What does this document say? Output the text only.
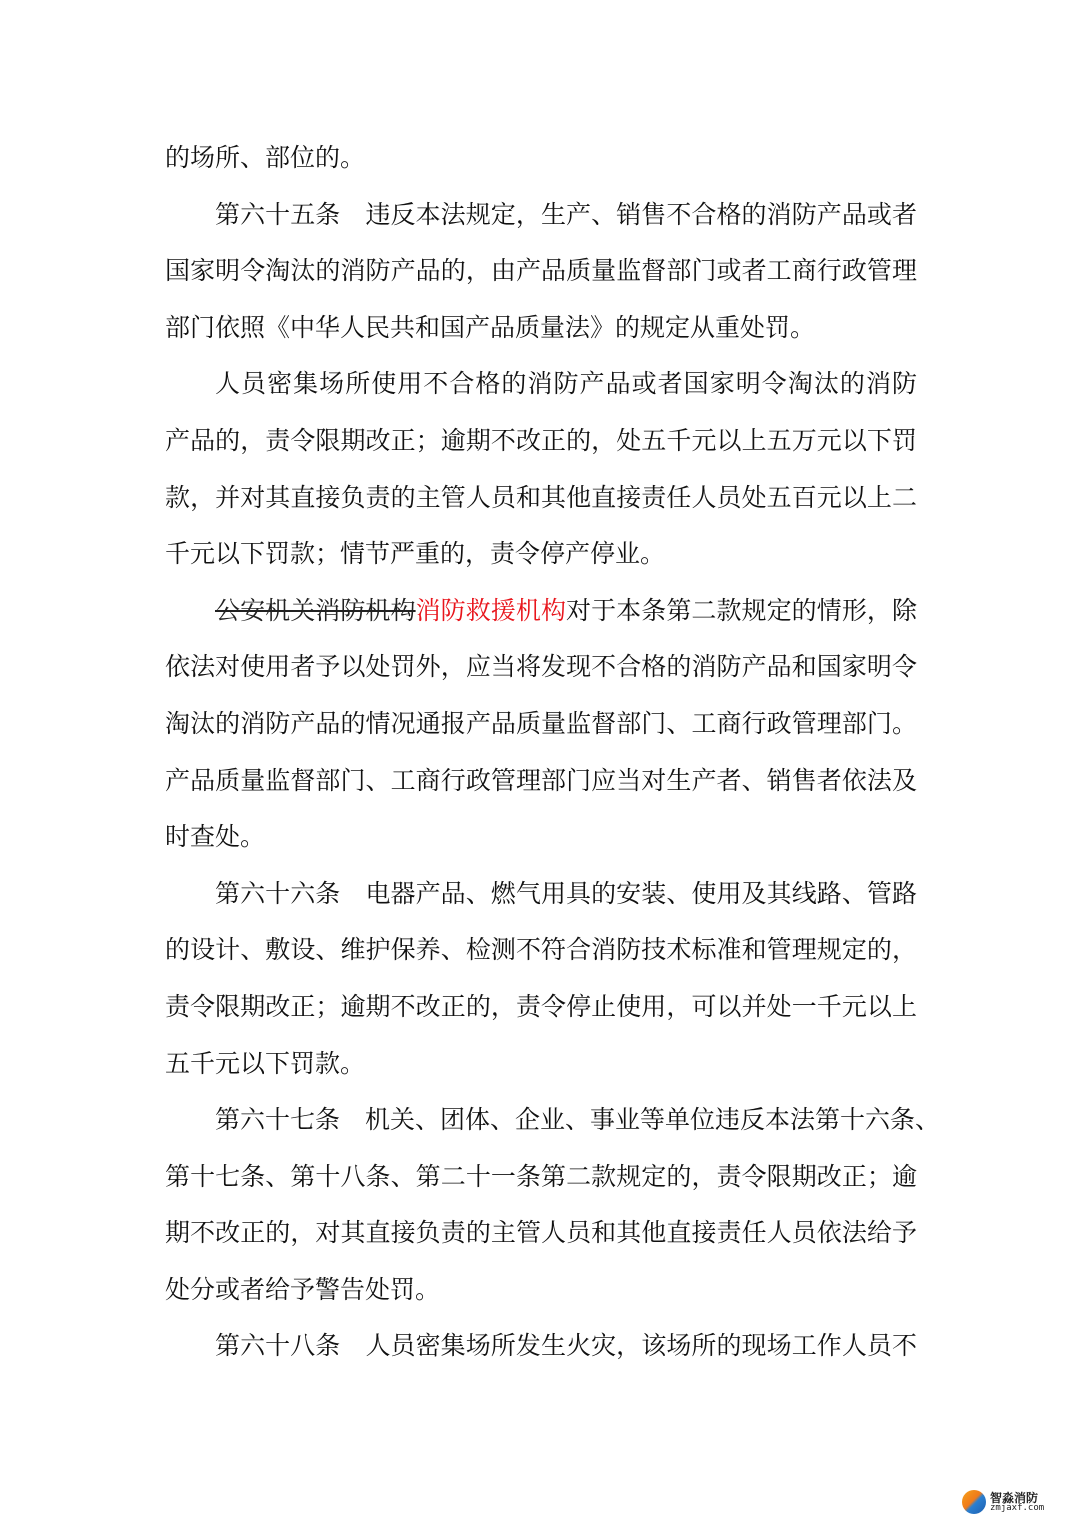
的场所、部位的。
第六十五条　违反本法规定，生产、销售不合格的消防产品或者
国家明令淘汰的消防产品的，由产品质量监督部门或者工商行政管理
部门依照《中华人民共和国产品质量法》的规定从重处罚。
人员密集场所使用不合格的消防产品或者国家明令淘汰的消防
产品的，责令限期改正；逾期不改正的，处五千元以上五万元以下罚
款，并对其直接负责的主管人员和其他直接责任人员处五百元以上二
千元以下罚款；情节严重的，责令停产停业。
公安机关消防机构消防救援机构对于本条第二款规定的情形，除
依法对使用者予以处罚外，应当将发现不合格的消防产品和国家明令
淘汰的消防产品的情况通报产品质量监督部门、工商行政管理部门。
产品质量监督部门、工商行政管理部门应当对生产者、销售者依法及
时查处。
第六十六条　电器产品、燃气用具的安装、使用及其线路、管路
的设计、敷设、维护保养、检测不符合消防技术标准和管理规定的，
责令限期改正；逾期不改正的，责令停止使用，可以并处一千元以上
五千元以下罚款。
第六十七条　机关、团体、企业、事业等单位违反本法第十六条、
第十七条、第十八条、第二十一条第二款规定的，责令限期改正；逾
期不改正的，对其直接负责的主管人员和其他直接责任人员依法给予
处分或者给予警告处罚。
第六十八条　人员密集场所发生火灾，该场所的现场工作人员不
智淼消防
zmjaxf.com
